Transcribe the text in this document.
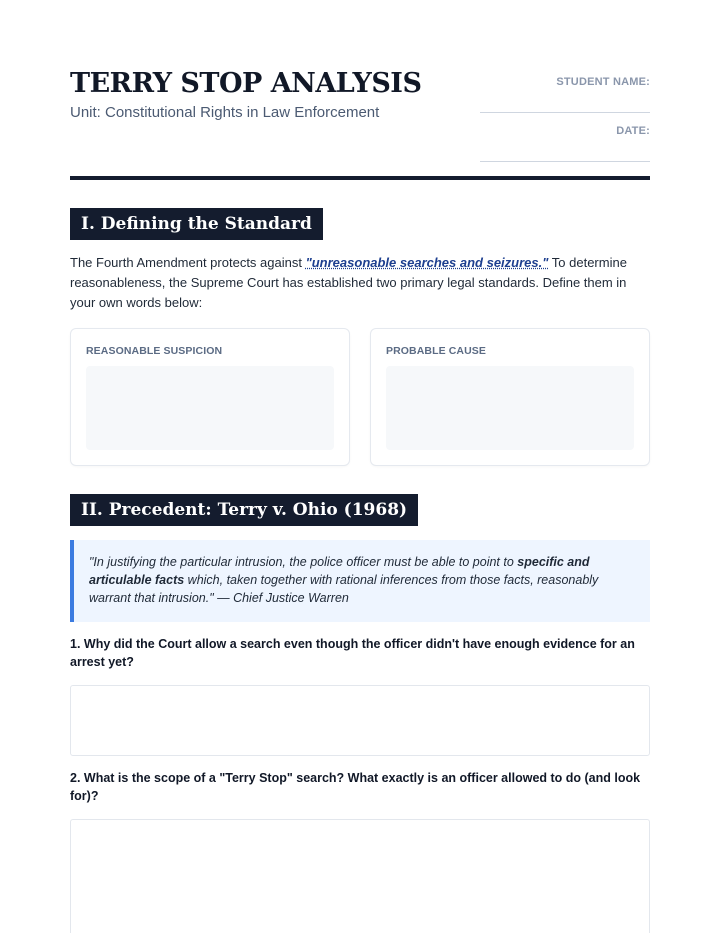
TERRY STOP ANALYSIS
Unit: Constitutional Rights in Law Enforcement
STUDENT NAME:
DATE:
I. Defining the Standard
The Fourth Amendment protects against "unreasonable searches and seizures." To determine reasonableness, the Supreme Court has established two primary legal standards. Define them in your own words below:
REASONABLE SUSPICION	PROBABLE CAUSE
II. Precedent: Terry v. Ohio (1968)
"In justifying the particular intrusion, the police officer must be able to point to specific and articulable facts which, taken together with rational inferences from those facts, reasonably warrant that intrusion." — Chief Justice Warren
1. Why did the Court allow a search even though the officer didn't have enough evidence for an arrest yet?
2. What is the scope of a "Terry Stop" search? What exactly is an officer allowed to do (and look for)?
